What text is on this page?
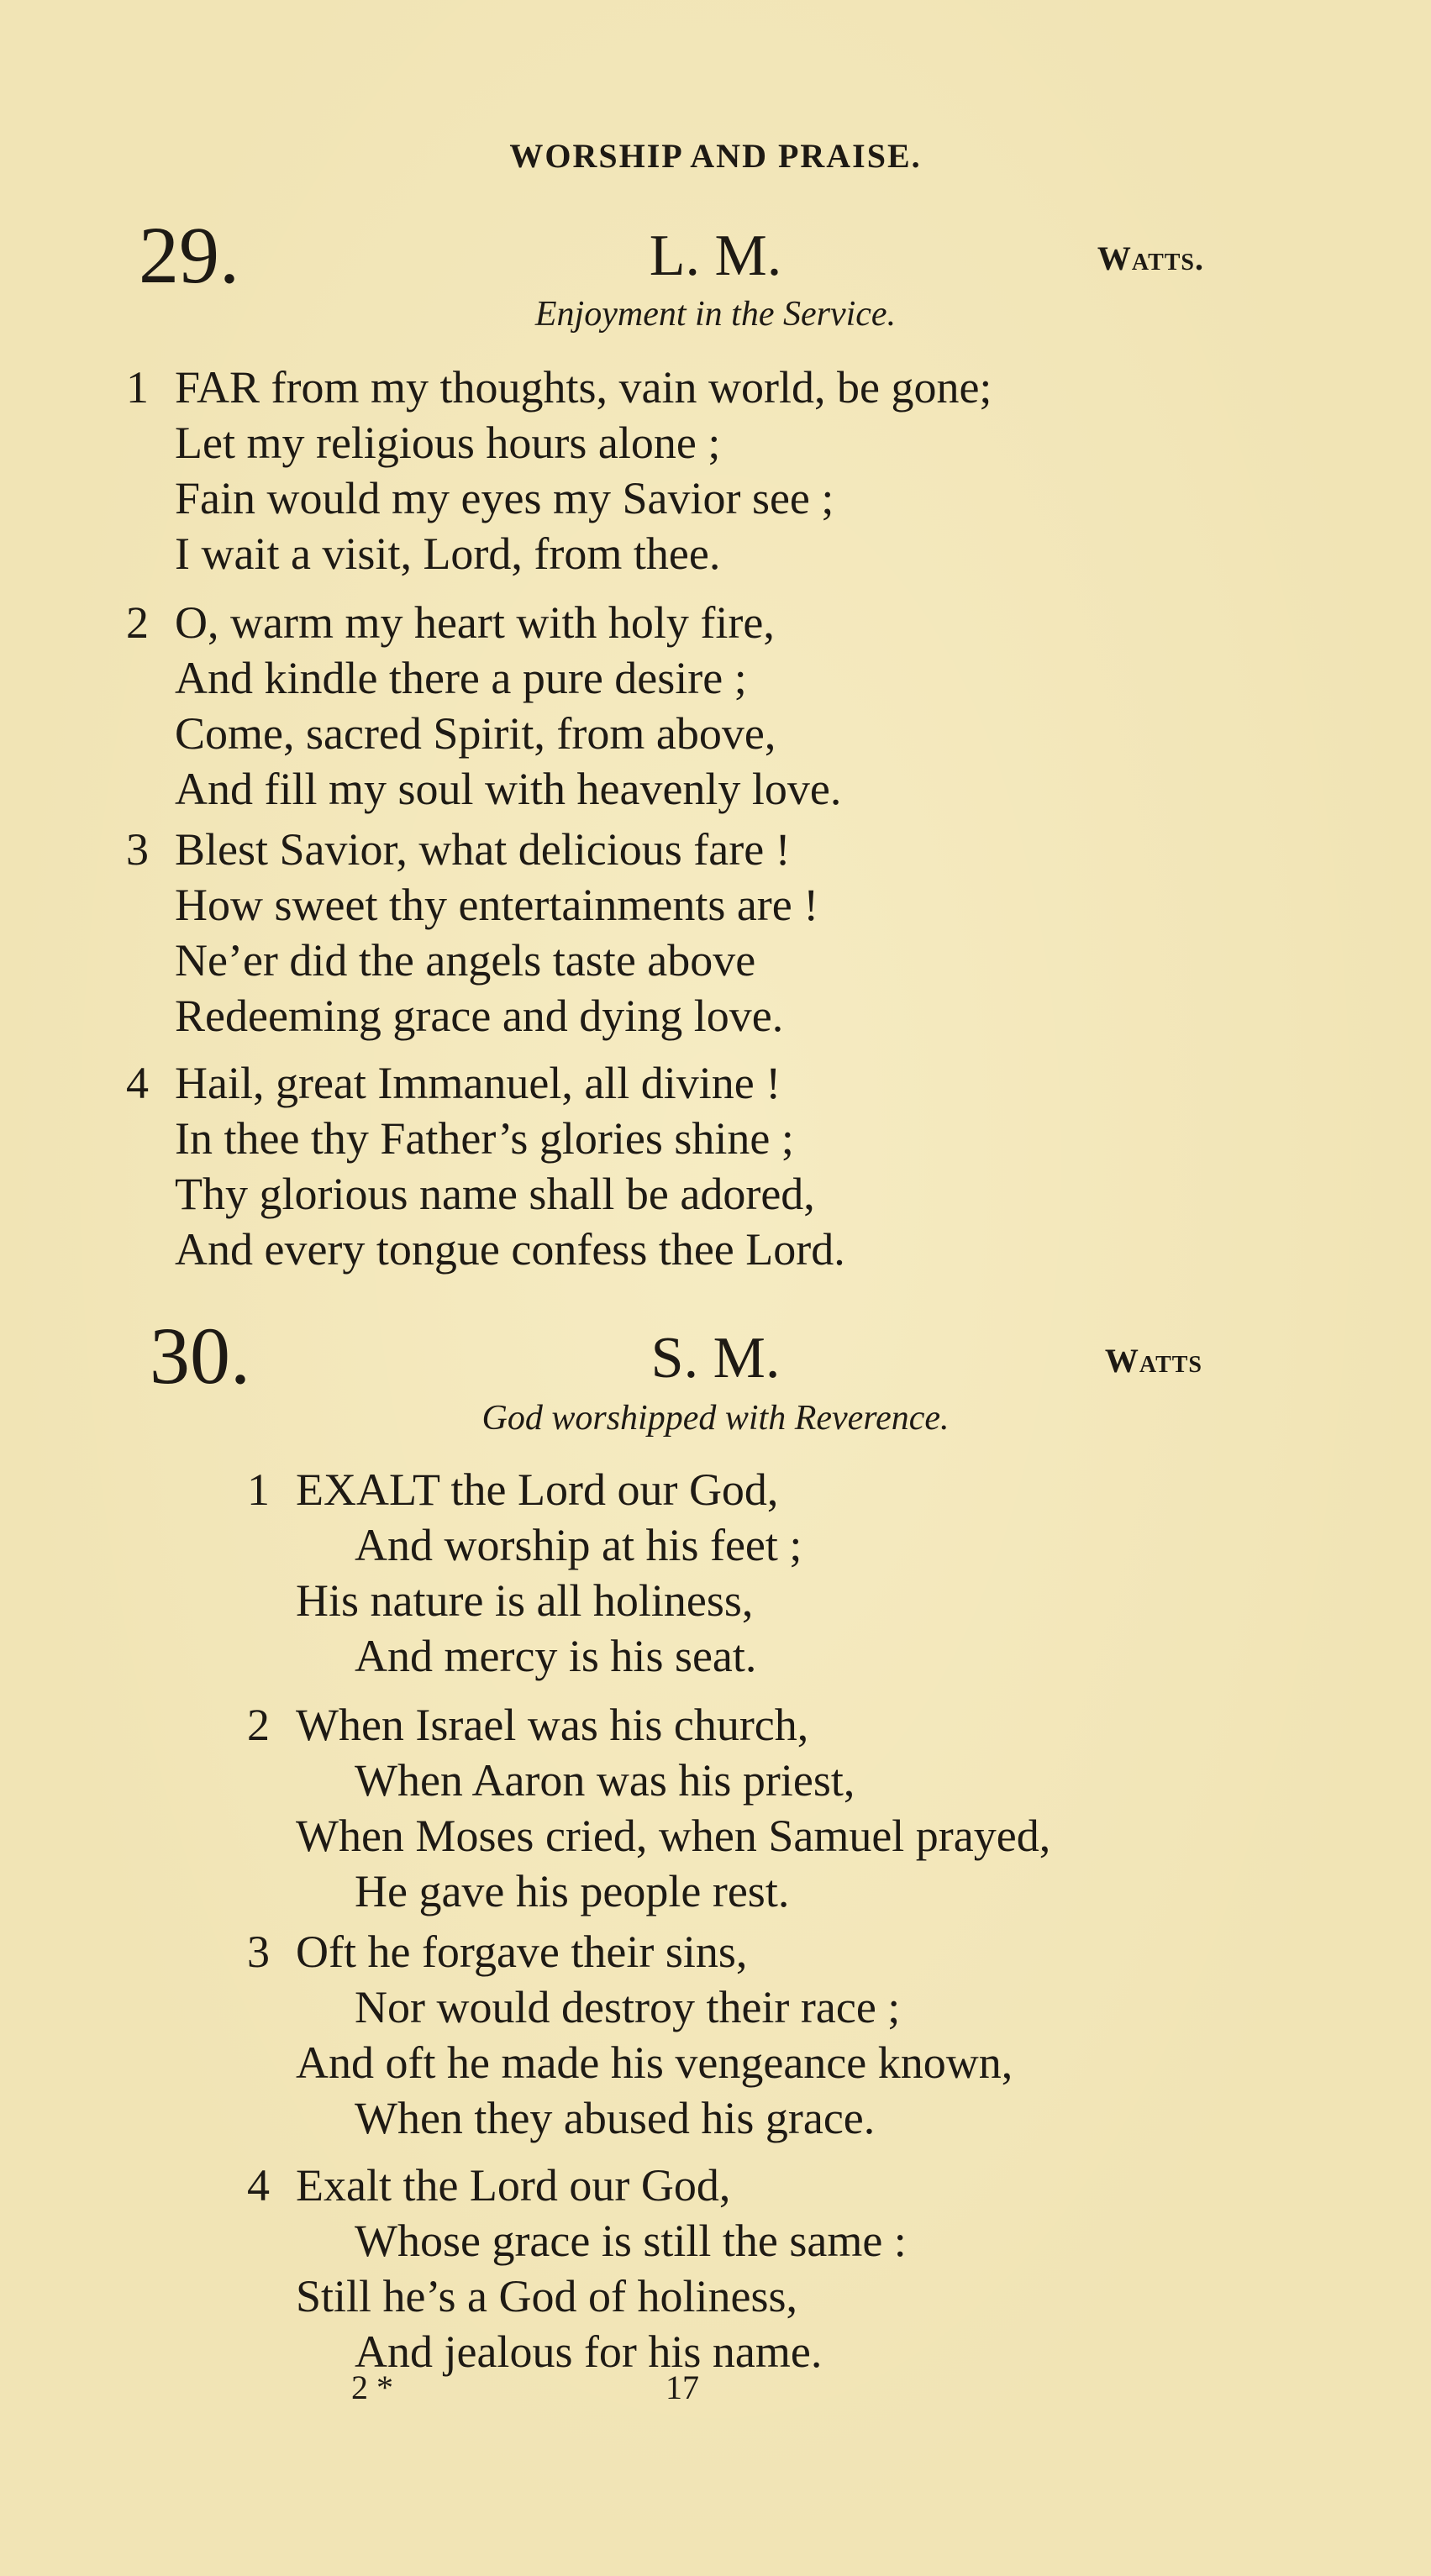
WORSHIP AND PRAISE.
29.	L. M.	Watts.
Enjoyment in the Service.
1 FAR from my thoughts, vain world, be gone;
Let my religious hours alone ;
Fain would my eyes my Savior see ;
I wait a visit, Lord, from thee.
2 O, warm my heart with holy fire,
And kindle there a pure desire ;
Come, sacred Spirit, from above,
And fill my soul with heavenly love.
3 Blest Savior, what delicious fare !
How sweet thy entertainments are !
Ne’er did the angels taste above
Redeeming grace and dying love.
4 Hail, great Immanuel, all divine !
In thee thy Father’s glories shine ;
Thy glorious name shall be adored,
And every tongue confess thee Lord.
30.	S. M.	Watts
God worshipped with Reverence.
1 EXALT the Lord our God,
And worship at his feet ;
His nature is all holiness,
And mercy is his seat.
2 When Israel was his church,
When Aaron was his priest,
When Moses cried, when Samuel prayed,
He gave his people rest.
3 Oft he forgave their sins,
Nor would destroy their race ;
And oft he made his vengeance known,
When they abused his grace.
4 Exalt the Lord our God,
Whose grace is still the same :
Still he’s a God of holiness,
And jealous for his name.
2 *	17
